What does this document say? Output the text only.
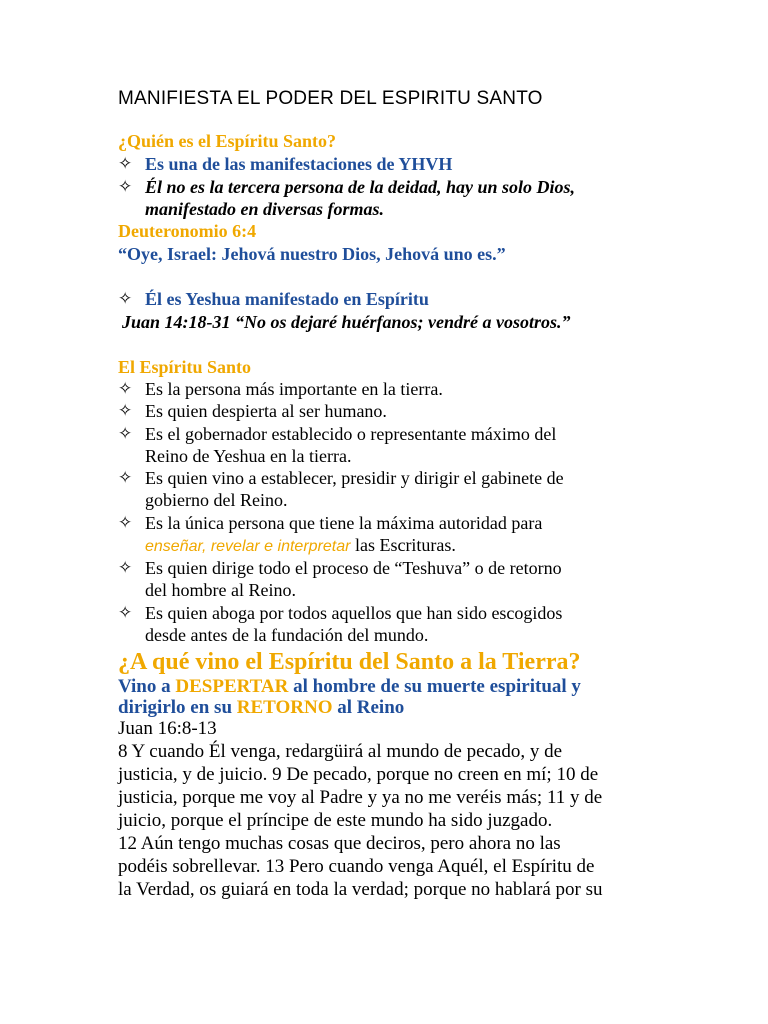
MANIFIESTA EL PODER DEL ESPIRITU SANTO
¿Quién es el Espíritu Santo?
✧ Es una de las manifestaciones de YHVH
✧ Él no es la tercera persona de la deidad, hay un solo Dios,
manifestado en diversas formas.
Deuteronomio 6:4
“Oye, Israel: Jehová nuestro Dios, Jehová uno es.”
✧ Él es Yeshua manifestado en Espíritu
Juan 14:18-31 “No os dejaré huérfanos; vendré a vosotros.”
El Espíritu Santo
✧ Es la persona más importante en la tierra.
✧ Es quien despierta al ser humano.
✧ Es el gobernador establecido o representante máximo del
Reino de Yeshua en la tierra.
✧ Es quien vino a establecer, presidir y dirigir el gabinete de
gobierno del Reino.
✧ Es la única persona que tiene la máxima autoridad para
enseñar, revelar e interpretar las Escrituras.
✧ Es quien dirige todo el proceso de “Teshuva” o de retorno
del hombre al Reino.
✧ Es quien aboga por todos aquellos que han sido escogidos
desde antes de la fundación del mundo.
¿A qué vino el Espíritu del Santo a la Tierra?
Vino a DESPERTAR al hombre de su muerte espiritual y
dirigirlo en su RETORNO al Reino
Juan 16:8-13
8 Y cuando Él venga, redargüirá al mundo de pecado, y de
justicia, y de juicio. 9 De pecado, porque no creen en mí; 10 de
justicia, porque me voy al Padre y ya no me veréis más; 11 y de
juicio, porque el príncipe de este mundo ha sido juzgado.
12 Aún tengo muchas cosas que deciros, pero ahora no las
podéis sobrellevar. 13 Pero cuando venga Aquél, el Espíritu de
la Verdad, os guiará en toda la verdad; porque no hablará por su
